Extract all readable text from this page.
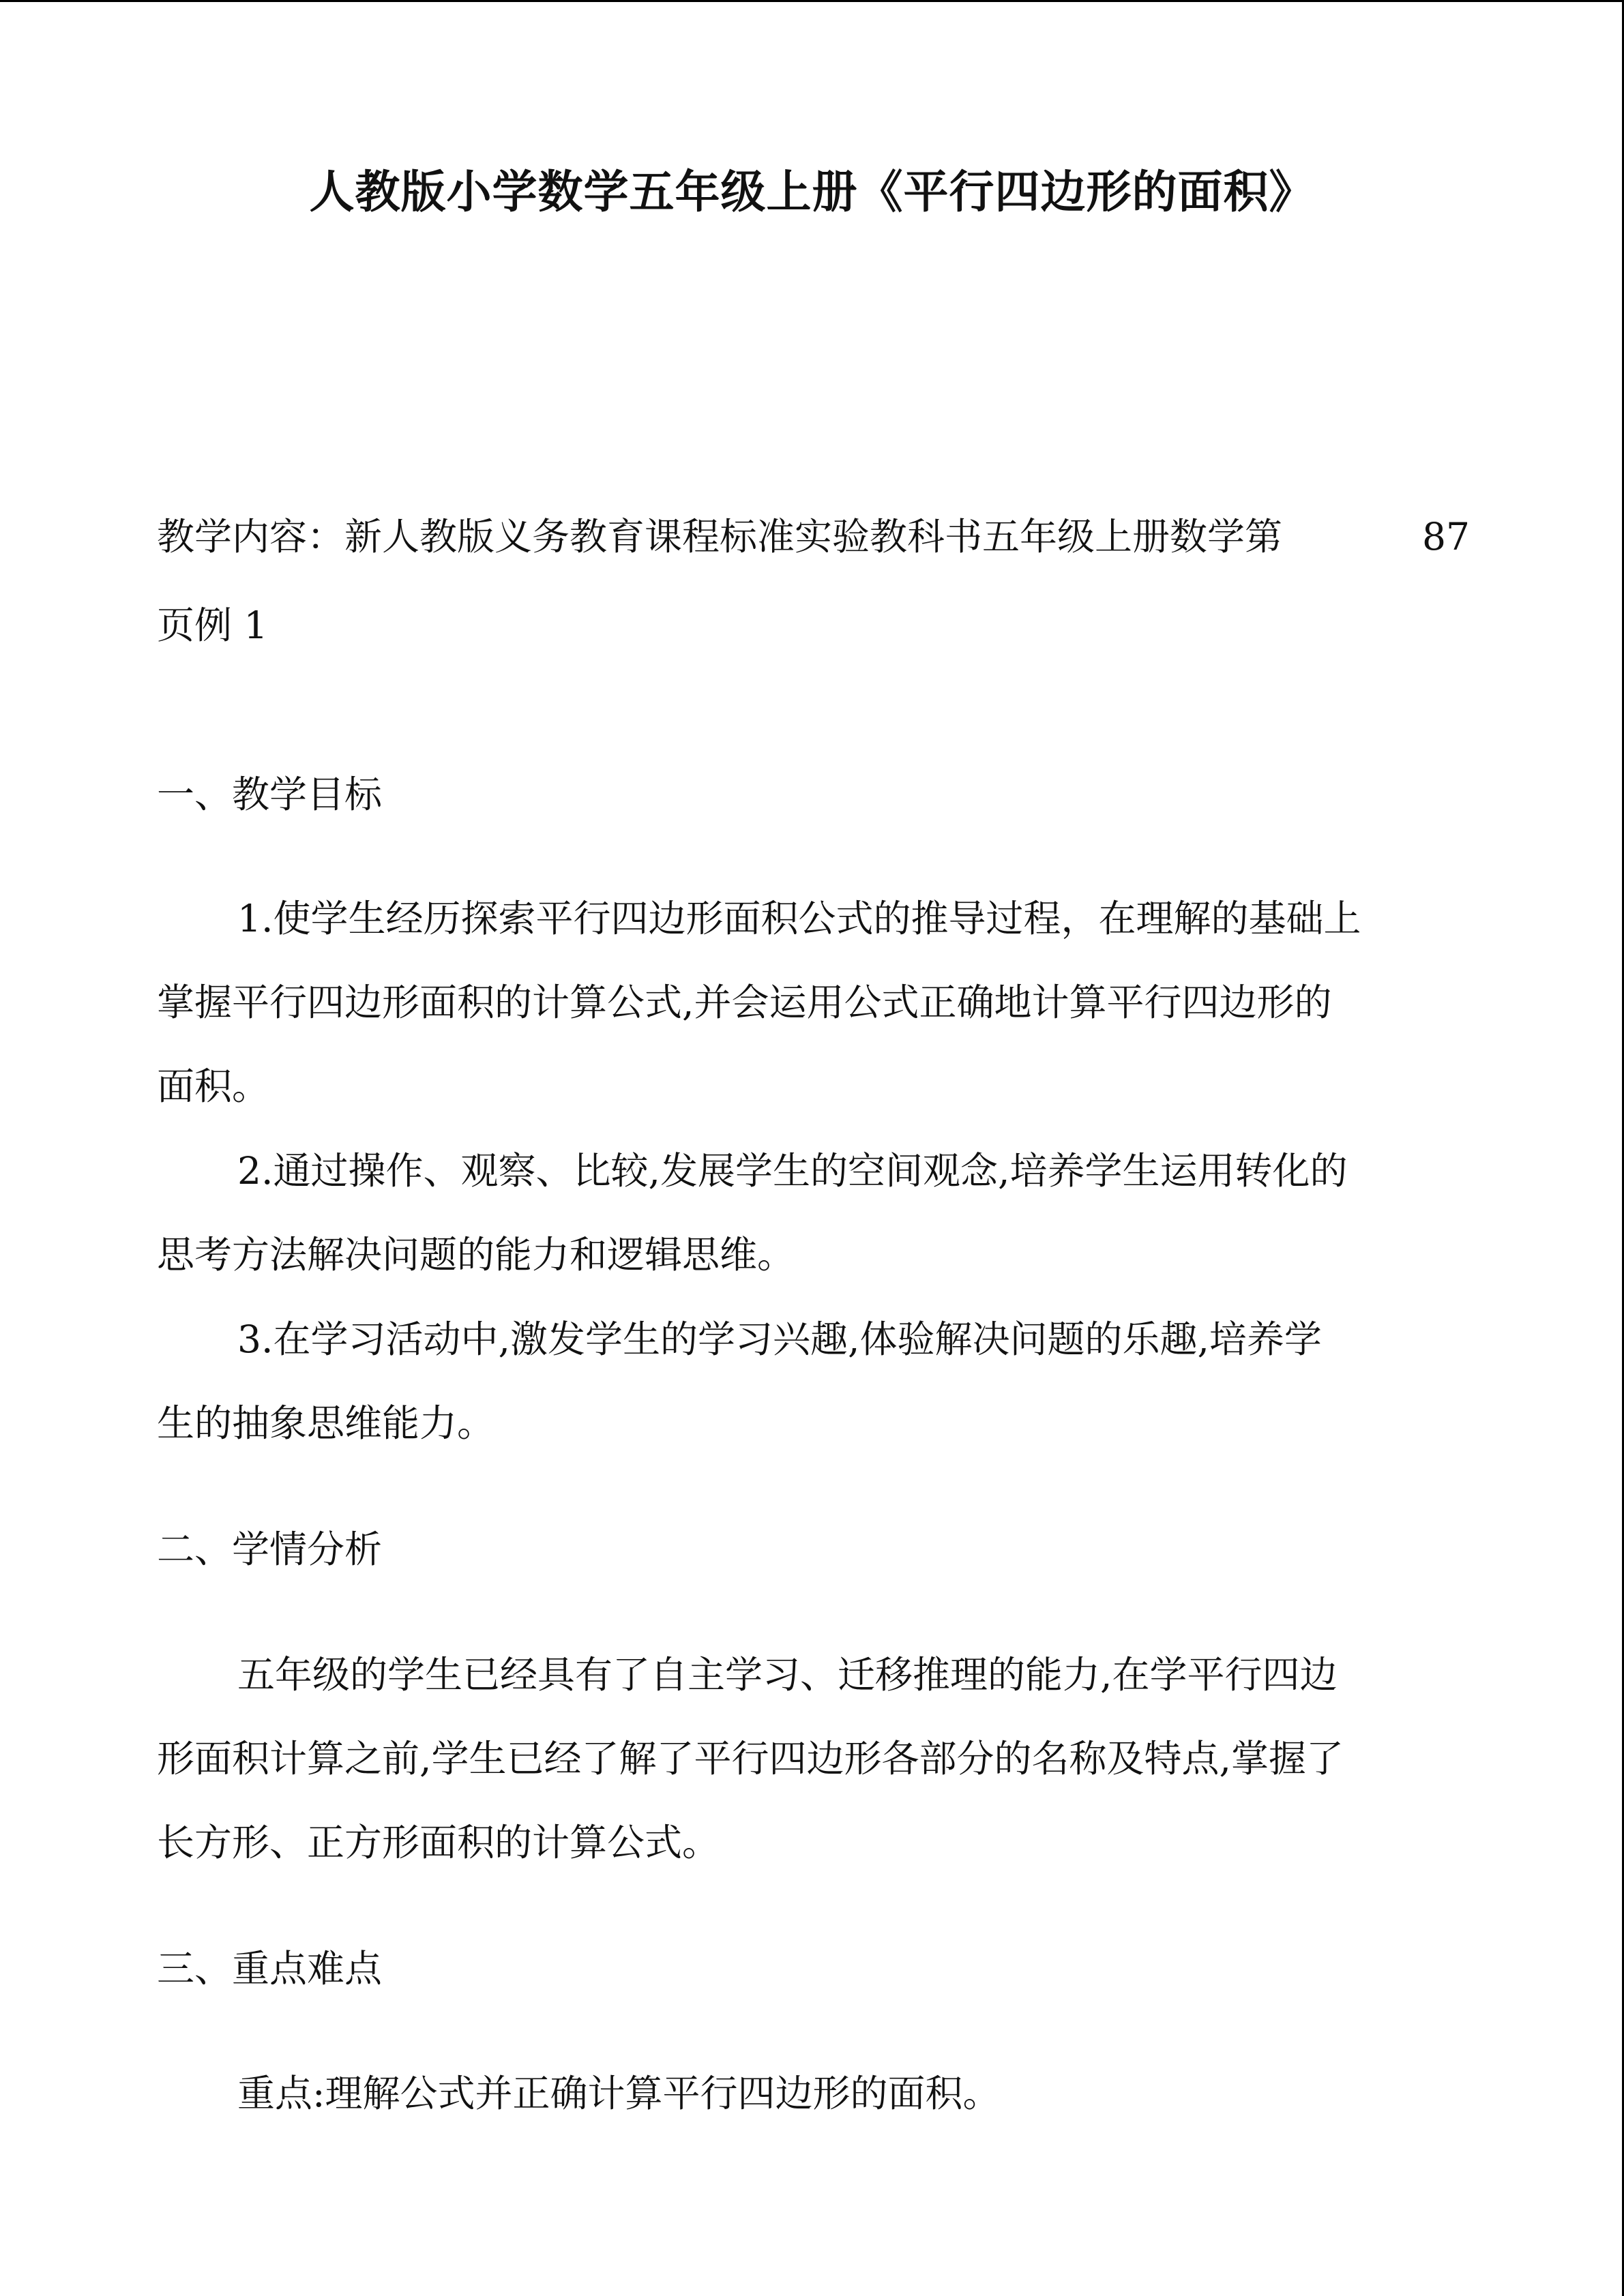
人教版小学数学五年级上册《平行四边形的面积》
教学内容：新人教版义务教育课程标准实验教科书五年级上册数学第	87
页例 1
一、教学目标
1.使学生经历探索平行四边形面积公式的推导过程，在理解的基础上
掌握平行四边形面积的计算公式,并会运用公式正确地计算平行四边形的
面积。
2.通过操作、观察、比较,发展学生的空间观念,培养学生运用转化的
思考方法解决问题的能力和逻辑思维。
3.在学习活动中,激发学生的学习兴趣,体验解决问题的乐趣,培养学
生的抽象思维能力。
二、学情分析
五年级的学生已经具有了自主学习、迁移推理的能力,在学平行四边
形面积计算之前,学生已经了解了平行四边形各部分的名称及特点,掌握了
长方形、正方形面积的计算公式。
三、重点难点
重点:理解公式并正确计算平行四边形的面积。
